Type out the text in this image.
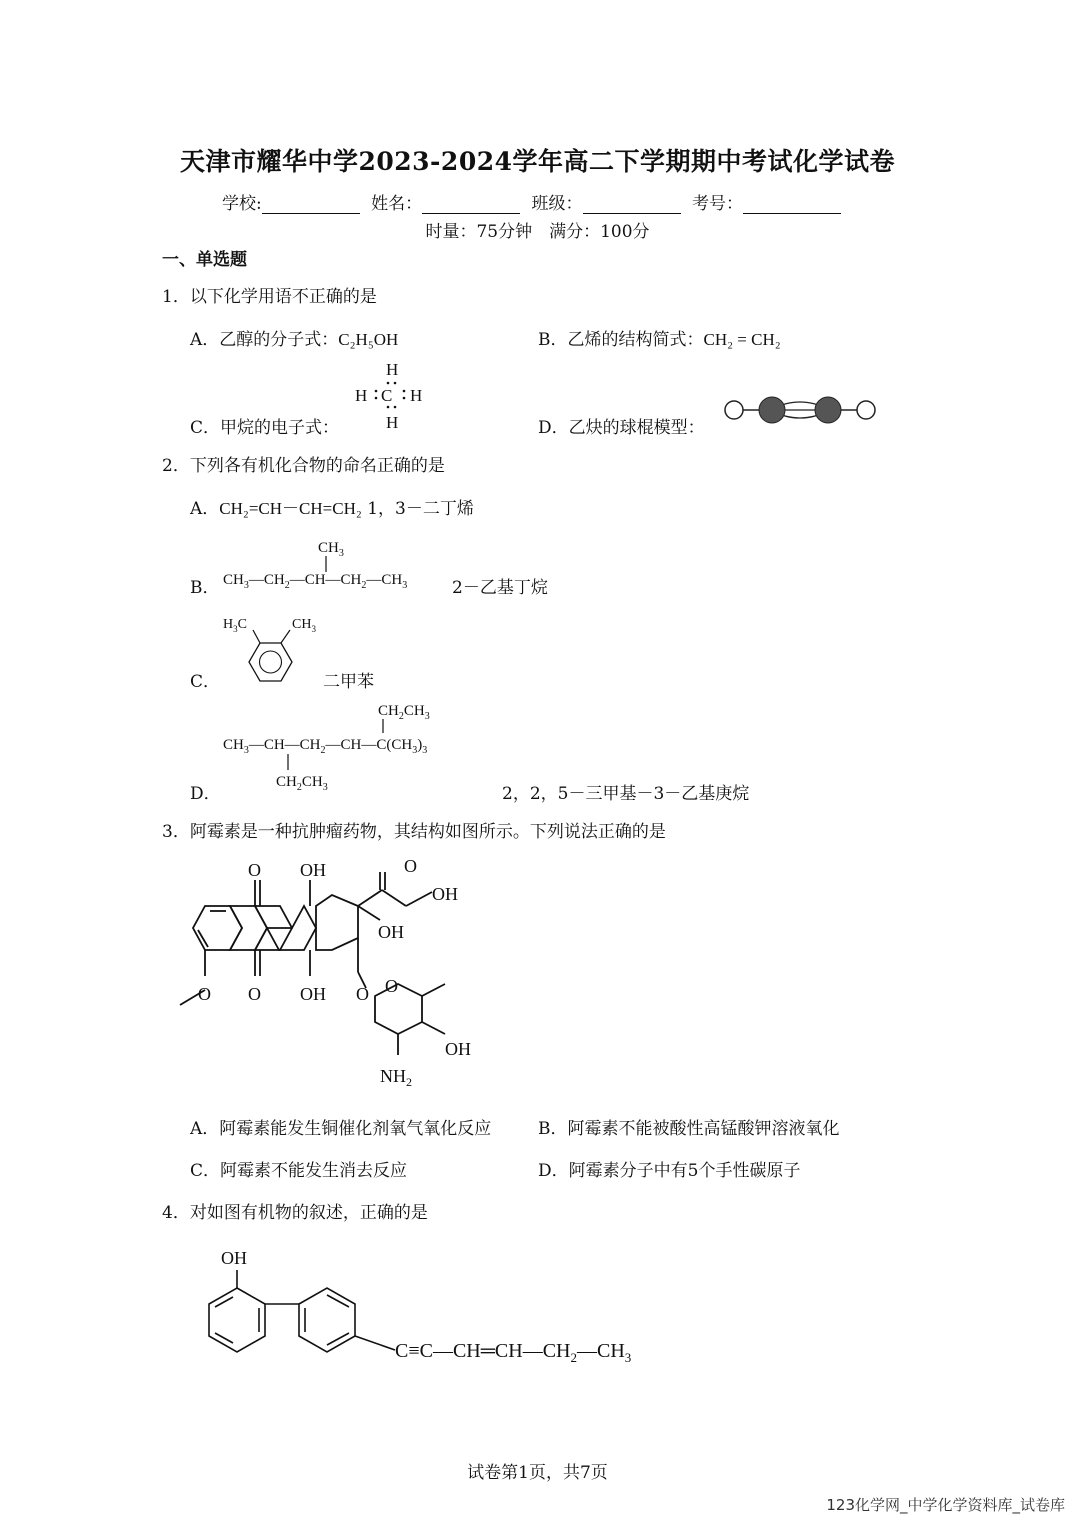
天津市耀华中学2023-2024学年高二下学期期中考试化学试卷
学校:	姓名：	班级：	考号：
时量：75分钟　满分：100分
一、单选题
1．以下化学用语不正确的是
A．乙醇的分子式：C₂H₅OH	B．乙烯的结构简式：CH₂ = CH₂
C．甲烷的电子式：
H
H C H
H	D．乙炔的球棍模型：
2．下列各有机化合物的命名正确的是
A．CH₂=CH－CH=CH₂ 1，3－二丁烯
B．
$CH_3$
$CH_3—CH_2—CH—CH_2—CH_3$	2－乙基丁烷
C．
$H_3C$	$CH_3$
二甲苯
D．
$CH_2CH_3$
$CH_3—CH—CH_2—CH—C(CH_3)_3$
$CH_2CH_3$	2，2，5－三甲基－3－乙基庚烷
3．阿霉素是一种抗肿瘤药物，其结构如图所示。下列说法正确的是
O
O
OH
OH
O
O
OH
OH
O O
OH
$NH_2$
A．阿霉素能发生铜催化剂氧气氧化反应	B．阿霉素不能被酸性高锰酸钾溶液氧化
C．阿霉素不能发生消去反应	D．阿霉素分子中有5个手性碳原子
4．对如图有机物的叙述，正确的是
OH
$C\equiv C—CH═CH—CH_2—CH_3$
试卷第1页，共7页
123化学网_中学化学资料库_试卷库
